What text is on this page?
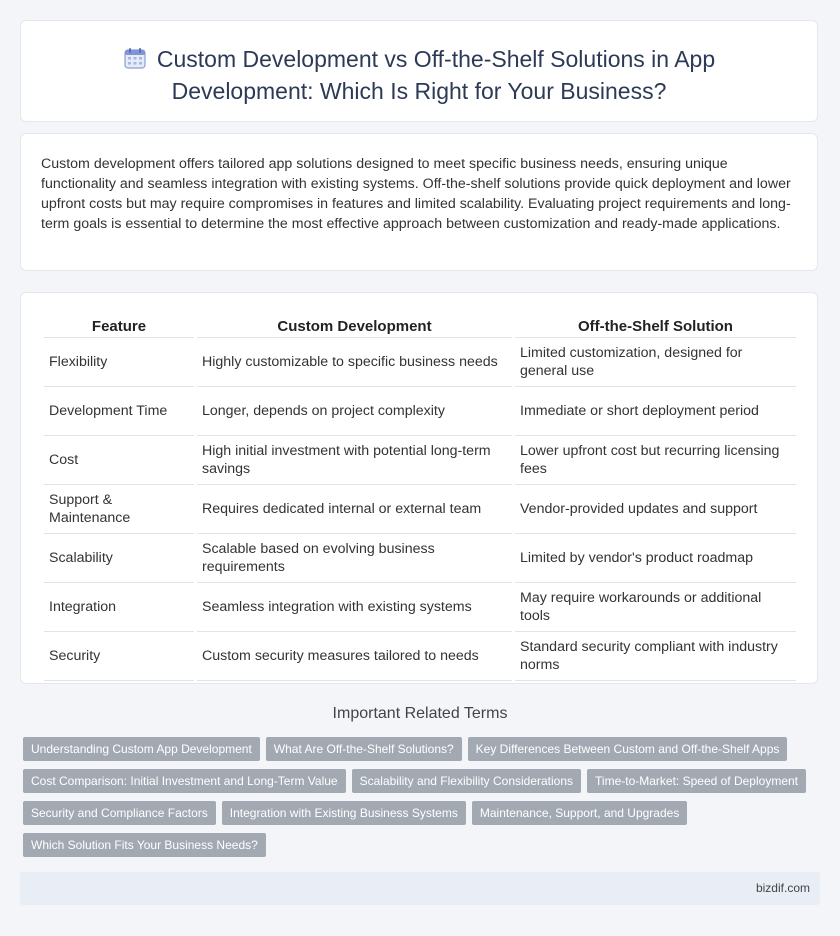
Custom Development vs Off-the-Shelf Solutions in App
Development: Which Is Right for Your Business?

Custom development offers tailored app solutions designed to meet specific business needs, ensuring unique functionality and seamless integration with existing systems. Off-the-shelf solutions provide quick deployment and lower upfront costs but may require compromises in features and limited scalability. Evaluating project requirements and long-term goals is essential to determine the most effective approach between customization and ready-made applications.

Feature	Custom Development	Off-the-Shelf Solution
Flexibility	Highly customizable to specific business needs	Limited customization, designed for general use
Development Time	Longer, depends on project complexity	Immediate or short deployment period
Cost	High initial investment with potential long-term savings	Lower upfront cost but recurring licensing fees
Support & Maintenance	Requires dedicated internal or external team	Vendor-provided updates and support
Scalability	Scalable based on evolving business requirements	Limited by vendor's product roadmap
Integration	Seamless integration with existing systems	May require workarounds or additional tools
Security	Custom security measures tailored to needs	Standard security compliant with industry norms
Important Related Terms
Understanding Custom App Development	What Are Off-the-Shelf Solutions?	Key Differences Between Custom and Off-the-Shelf Apps
Cost Comparison: Initial Investment and Long-Term Value	Scalability and Flexibility Considerations	Time-to-Market: Speed of Deployment
Security and Compliance Factors	Integration with Existing Business Systems	Maintenance, Support, and Upgrades
Which Solution Fits Your Business Needs?
bizdif.com
